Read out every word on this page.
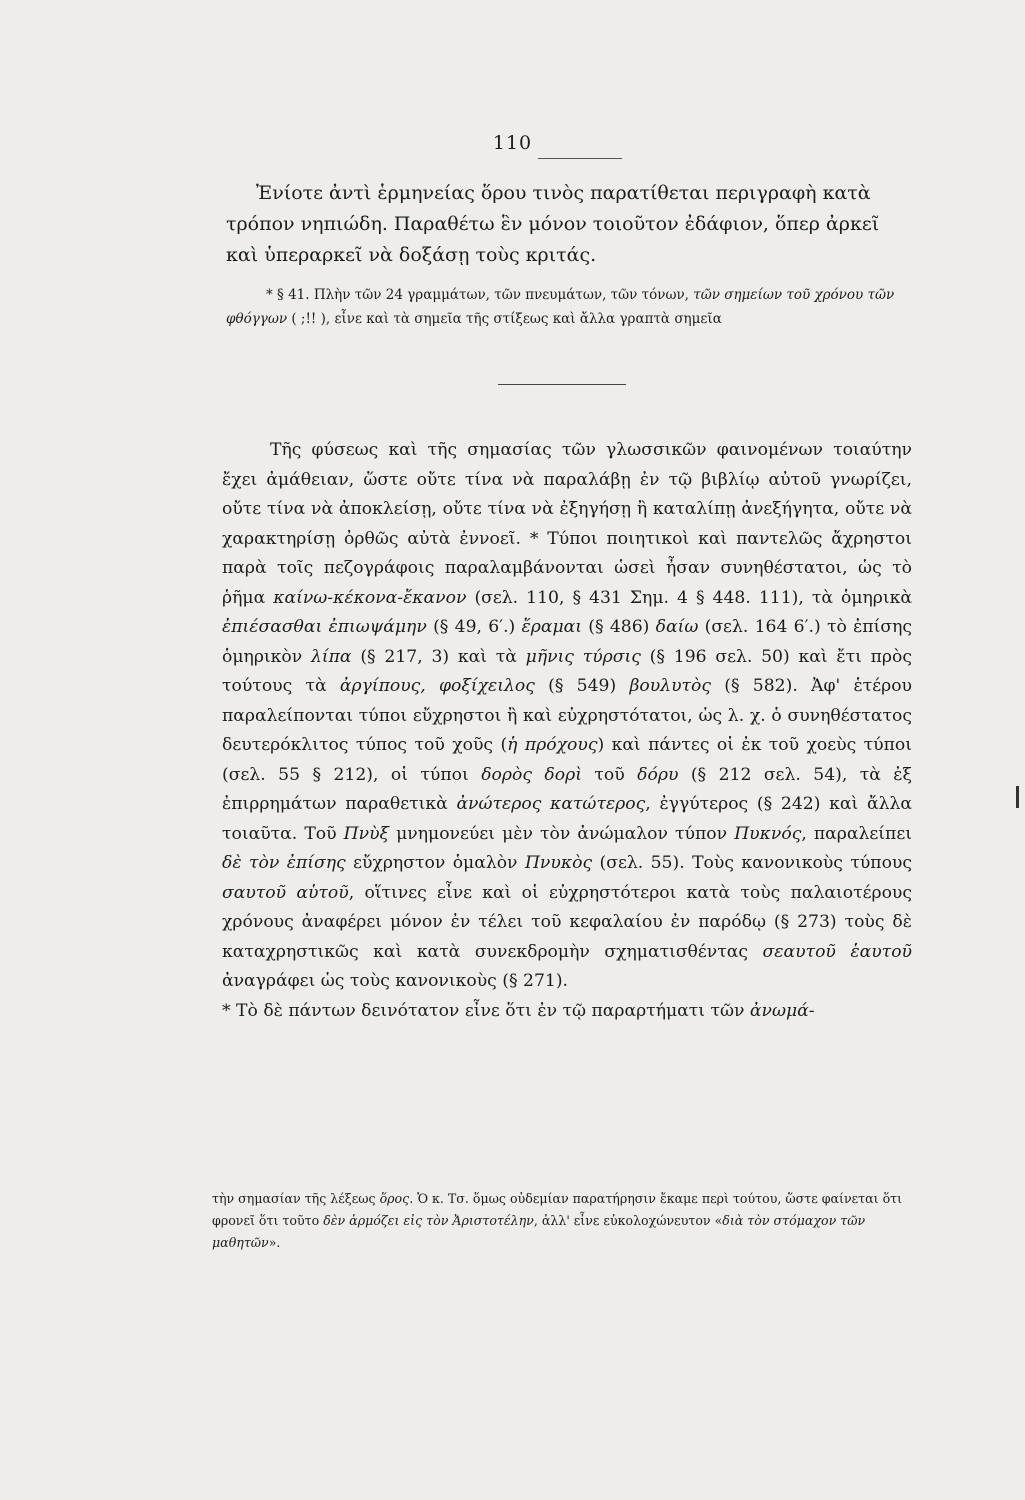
110

Ἐνίοτε ἀντὶ ἑρμηνείας ὅρου τινὸς παρατίθεται περιγραφὴ κατὰ τρόπον νηπιώδη. Παραθέτω ἓν μόνον τοιοῦτον ἐδάφιον, ὅπερ ἀρκεῖ καὶ ὑπεραρκεῖ νὰ δοξάσῃ τοὺς κριτάς.

* § 41. Πλὴν τῶν 24 γραμμάτων, τῶν πνευμάτων, τῶν τόνων, τῶν σημείων τοῦ χρόνου τῶν φθόγγων ( ;!! ), εἶνε καὶ τὰ σημεῖα τῆς στίξεως καὶ ἄλλα γραπτὰ σημεῖα

Τῆς φύσεως καὶ τῆς σημασίας τῶν γλωσσικῶν φαινομένων τοιαύτην ἔχει ἀμάθειαν, ὥστε οὔτε τίνα νὰ παραλάβῃ ἐν τῷ βιβλίῳ αὐτοῦ γνωρίζει, οὔτε τίνα νὰ ἀποκλείσῃ, οὔτε τίνα νὰ ἐξηγήσῃ ἢ καταλίπῃ ἀνεξήγητα, οὔτε νὰ χαρακτηρίσῃ ὀρθῶς αὐτὰ ἐννοεῖ. * Τύποι ποιητικοὶ καὶ παντελῶς ἄχρηστοι παρὰ τοῖς πεζογράφοις παραλαμβάνονται ὡσεὶ ἦσαν συνηθέστατοι, ὡς τὸ ῥῆμα καίνω-κέκονα-ἔκανον (σελ. 110, § 431 Σημ. 4 § 448. 111), τὰ ὁμηρικὰ ἐπιέσασθαι ἐπιωψάμην (§ 49, 6′.) ἔραμαι (§ 486) δαίω (σελ. 164 6′.) τὸ ἐπίσης ὁμηρικὸν λίπα (§ 217, 3) καὶ τὰ μῆνις τύρσις (§ 196 σελ. 50) καὶ ἔτι πρὸς τούτους τὰ ἀργίπους, φοξίχειλος (§ 549) βουλυτὸς (§ 582). Ἀφ' ἑτέρου παραλείπονται τύποι εὔχρηστοι ἢ καὶ εὐχρηστότατοι, ὡς λ. χ. ὁ συνηθέστατος δευτερόκλιτος τύπος τοῦ χοῦς (ἡ πρόχους) καὶ πάντες οἱ ἐκ τοῦ χοεὺς τύποι (σελ. 55 § 212), οἱ τύποι δορὸς δορὶ τοῦ δόρυ (§ 212 σελ. 54), τὰ ἐξ ἐπιρρημάτων παραθετικὰ ἀνώτερος κατώτερος, ἐγγύτερος (§ 242) καὶ ἄλλα τοιαῦτα. Τοῦ Πνὺξ μνημονεύει μὲν τὸν ἀνώμαλον τύπον Πυκνός, παραλείπει δὲ τὸν ἐπίσης εὔχρηστον ὁμαλὸν Πνυκὸς (σελ. 55). Τοὺς κανονικοὺς τύπους σαυτοῦ αὑτοῦ, οἵτινες εἶνε καὶ οἱ εὐχρηστότεροι κατὰ τοὺς παλαιοτέρους χρόνους ἀναφέρει μόνον ἐν τέλει τοῦ κεφαλαίου ἐν παρόδῳ (§ 273) τοὺς δὲ καταχρηστικῶς καὶ κατὰ συνεκδρομὴν σχηματισθέντας σεαυτοῦ ἑαυτοῦ ἀναγράφει ὡς τοὺς κανονικοὺς (§ 271).

* Τὸ δὲ πάντων δεινότατον εἶνε ὅτι ἐν τῷ παραρτήματι τῶν ἀνωμά-

τὴν σημασίαν τῆς λέξεως ὅρος. Ὁ κ. Τσ. ὅμως οὐδεμίαν παρατήρησιν ἔκαμε περὶ τούτου, ὥστε φαίνεται ὅτι φρονεῖ ὅτι τοῦτο δὲν ἁρμόζει εἰς τὸν Ἀριστοτέλην, ἀλλ' εἶνε εὐκολοχώνευτον «διὰ τὸν στόμαχον τῶν μαθητῶν».
